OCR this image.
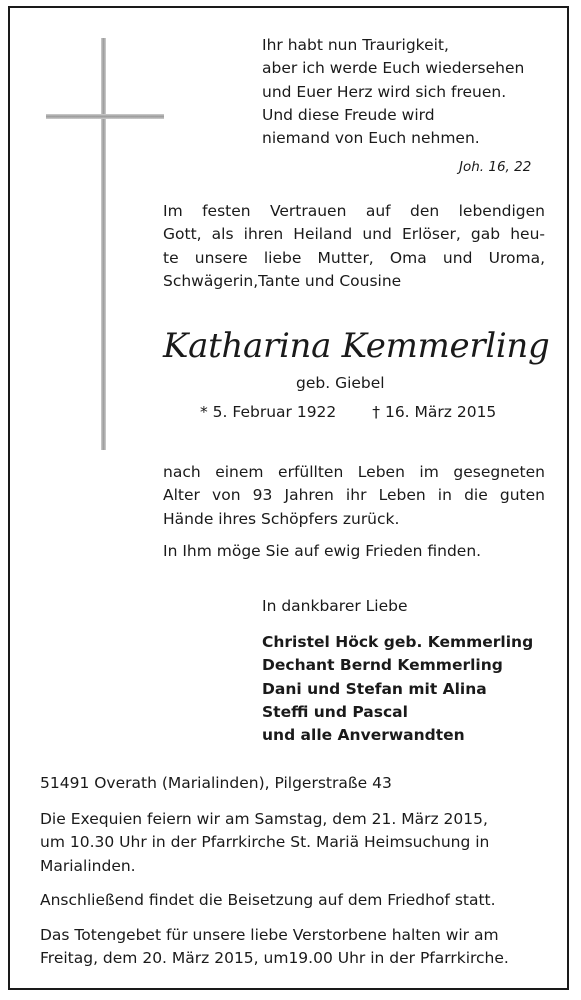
Ihr habt nun Traurigkeit,
aber ich werde Euch wiedersehen
und Euer Herz wird sich freuen.
Und diese Freude wird
niemand von Euch nehmen.
Joh. 16, 22
Im festen Vertrauen auf den lebendigen
Gott, als ihren Heiland und Erlöser, gab heu-
te unsere liebe Mutter, Oma und Uroma,
Schwägerin,Tante und Cousine
Katharina Kemmerling
geb. Giebel
* 5. Februar 1922 † 16. März 2015
nach einem erfüllten Leben im gesegneten
Alter von 93 Jahren ihr Leben in die guten
Hände ihres Schöpfers zurück.
In Ihm möge Sie auf ewig Frieden finden.
In dankbarer Liebe
Christel Höck geb. Kemmerling
Dechant Bernd Kemmerling
Dani und Stefan mit Alina
Steffi und Pascal
und alle Anverwandten
51491 Overath (Marialinden), Pilgerstraße 43
Die Exequien feiern wir am Samstag, dem 21. März 2015,
um 10.30 Uhr in der Pfarrkirche St. Mariä Heimsuchung in
Marialinden.
Anschließend findet die Beisetzung auf dem Friedhof statt.
Das Totengebet für unsere liebe Verstorbene halten wir am
Freitag, dem 20. März 2015, um19.00 Uhr in der Pfarrkirche.
